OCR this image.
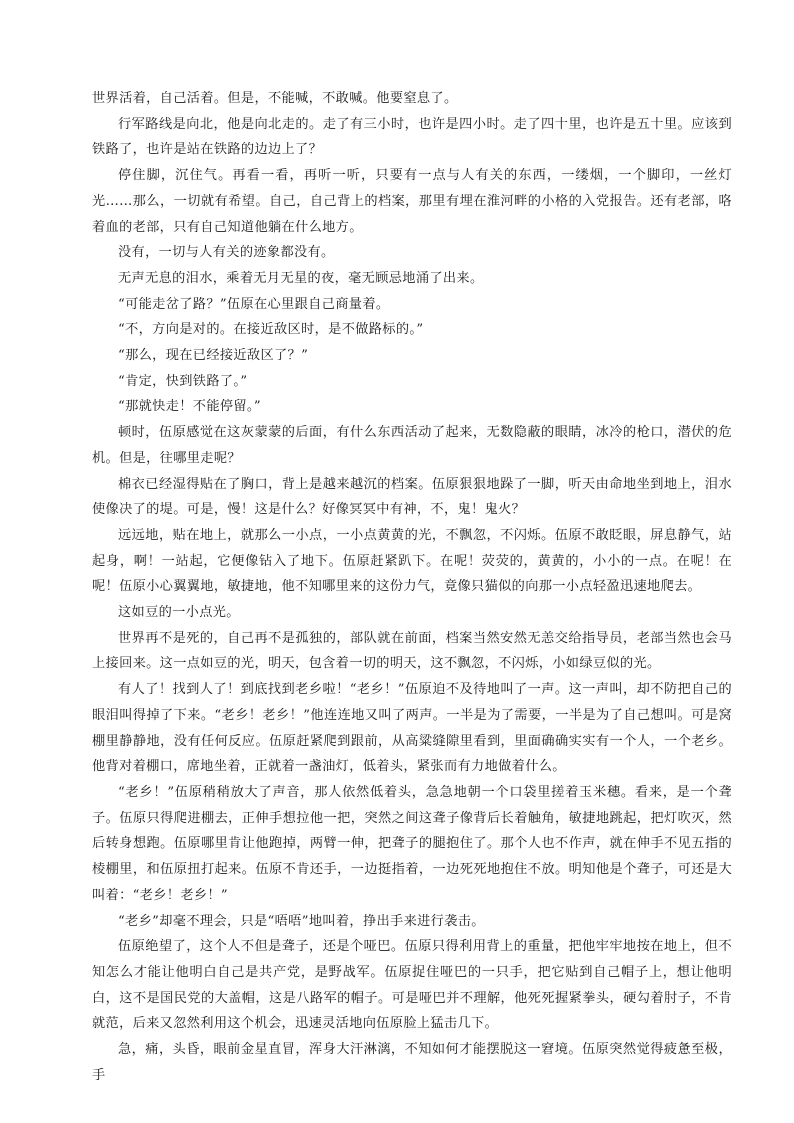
世界活着，自己活着。但是，不能喊，不敢喊。他要窒息了。

行军路线是向北，他是向北走的。走了有三小时，也许是四小时。走了四十里，也许是五十里。应该到铁路了，也许是站在铁路的边边上了？

停住脚，沉住气。再看一看，再听一听，只要有一点与人有关的东西，一缕烟，一个脚印，一丝灯光……那么，一切就有希望。自己，自己背上的档案，那里有埋在淮河畔的小格的入党报告。还有老部，咯着血的老部，只有自己知道他躺在什么地方。

没有，一切与人有关的迹象都没有。

无声无息的泪水，乘着无月无星的夜，毫无顾忌地涌了出来。

“可能走岔了路？”伍原在心里跟自己商量着。

“不，方向是对的。在接近敌区时，是不做路标的。”

“那么，现在已经接近敌区了？”

“肯定，快到铁路了。”

“那就快走！不能停留。”

顿时，伍原感觉在这灰蒙蒙的后面，有什么东西活动了起来，无数隐蔽的眼睛，冰冷的枪口，潜伏的危机。但是，往哪里走呢？

棉衣已经湿得贴在了胸口，背上是越来越沉的档案。伍原狠狠地跺了一脚，听天由命地坐到地上，泪水使像决了的堤。可是，慢！这是什么？好像冥冥中有神，不，鬼！鬼火？

远远地，贴在地上，就那么一小点，一小点黄黄的光，不飘忽，不闪烁。伍原不敢眨眼，屏息静气，站起身，啊！一站起，它便像钻入了地下。伍原赶紧趴下。在呢！荧荧的，黄黄的，小小的一点。在呢！在呢！伍原小心翼翼地，敏捷地，他不知哪里来的这份力气，竟像只猫似的向那一小点轻盈迅速地爬去。

这如豆的一小点光。

世界再不是死的，自己再不是孤独的，部队就在前面，档案当然安然无恙交给指导员，老部当然也会马上接回来。这一点如豆的光，明天，包含着一切的明天，这不飘忽，不闪烁，小如绿豆似的光。

有人了！找到人了！到底找到老乡啦！“老乡！”伍原迫不及待地叫了一声。这一声叫，却不防把自己的眼泪叫得掉了下来。“老乡！老乡！”他连连地又叫了两声。一半是为了需要，一半是为了自己想叫。可是窝棚里静静地，没有任何反应。伍原赶紧爬到跟前，从高粱缝隙里看到，里面确确实实有一个人，一个老乡。他背对着棚口，席地坐着，正就着一盏油灯，低着头，紧张而有力地做着什么。

“老乡！”伍原稍稍放大了声音，那人依然低着头，急急地朝一个口袋里搓着玉米穗。看来，是一个聋子。伍原只得爬进棚去，正伸手想拉他一把，突然之间这聋子像背后长着触角，敏捷地跳起，把灯吹灭，然后转身想跑。伍原哪里肯让他跑掉，两臂一伸，把聋子的腿抱住了。那个人也不作声，就在伸手不见五指的棱棚里，和伍原扭打起来。伍原不肯还手，一边挺指着，一边死死地抱住不放。明知他是个聋子，可还是大叫着：“老乡！老乡！”

“老乡”却毫不理会，只是“唔唔”地叫着，挣出手来进行袭击。

伍原绝望了，这个人不但是聋子，还是个哑巴。伍原只得利用背上的重量，把他牢牢地按在地上，但不知怎么才能让他明白自己是共产党，是野战军。伍原捉住哑巴的一只手，把它贴到自己帽子上，想让他明白，这不是国民党的大盖帽，这是八路军的帽子。可是哑巴并不理解，他死死握紧拳头，硬勾着肘子，不肯就范，后来又忽然利用这个机会，迅速灵活地向伍原脸上猛击几下。

急，痛，头昏，眼前金星直冒，浑身大汗淋漓，不知如何才能摆脱这一窘境。伍原突然觉得疲惫至极，手
